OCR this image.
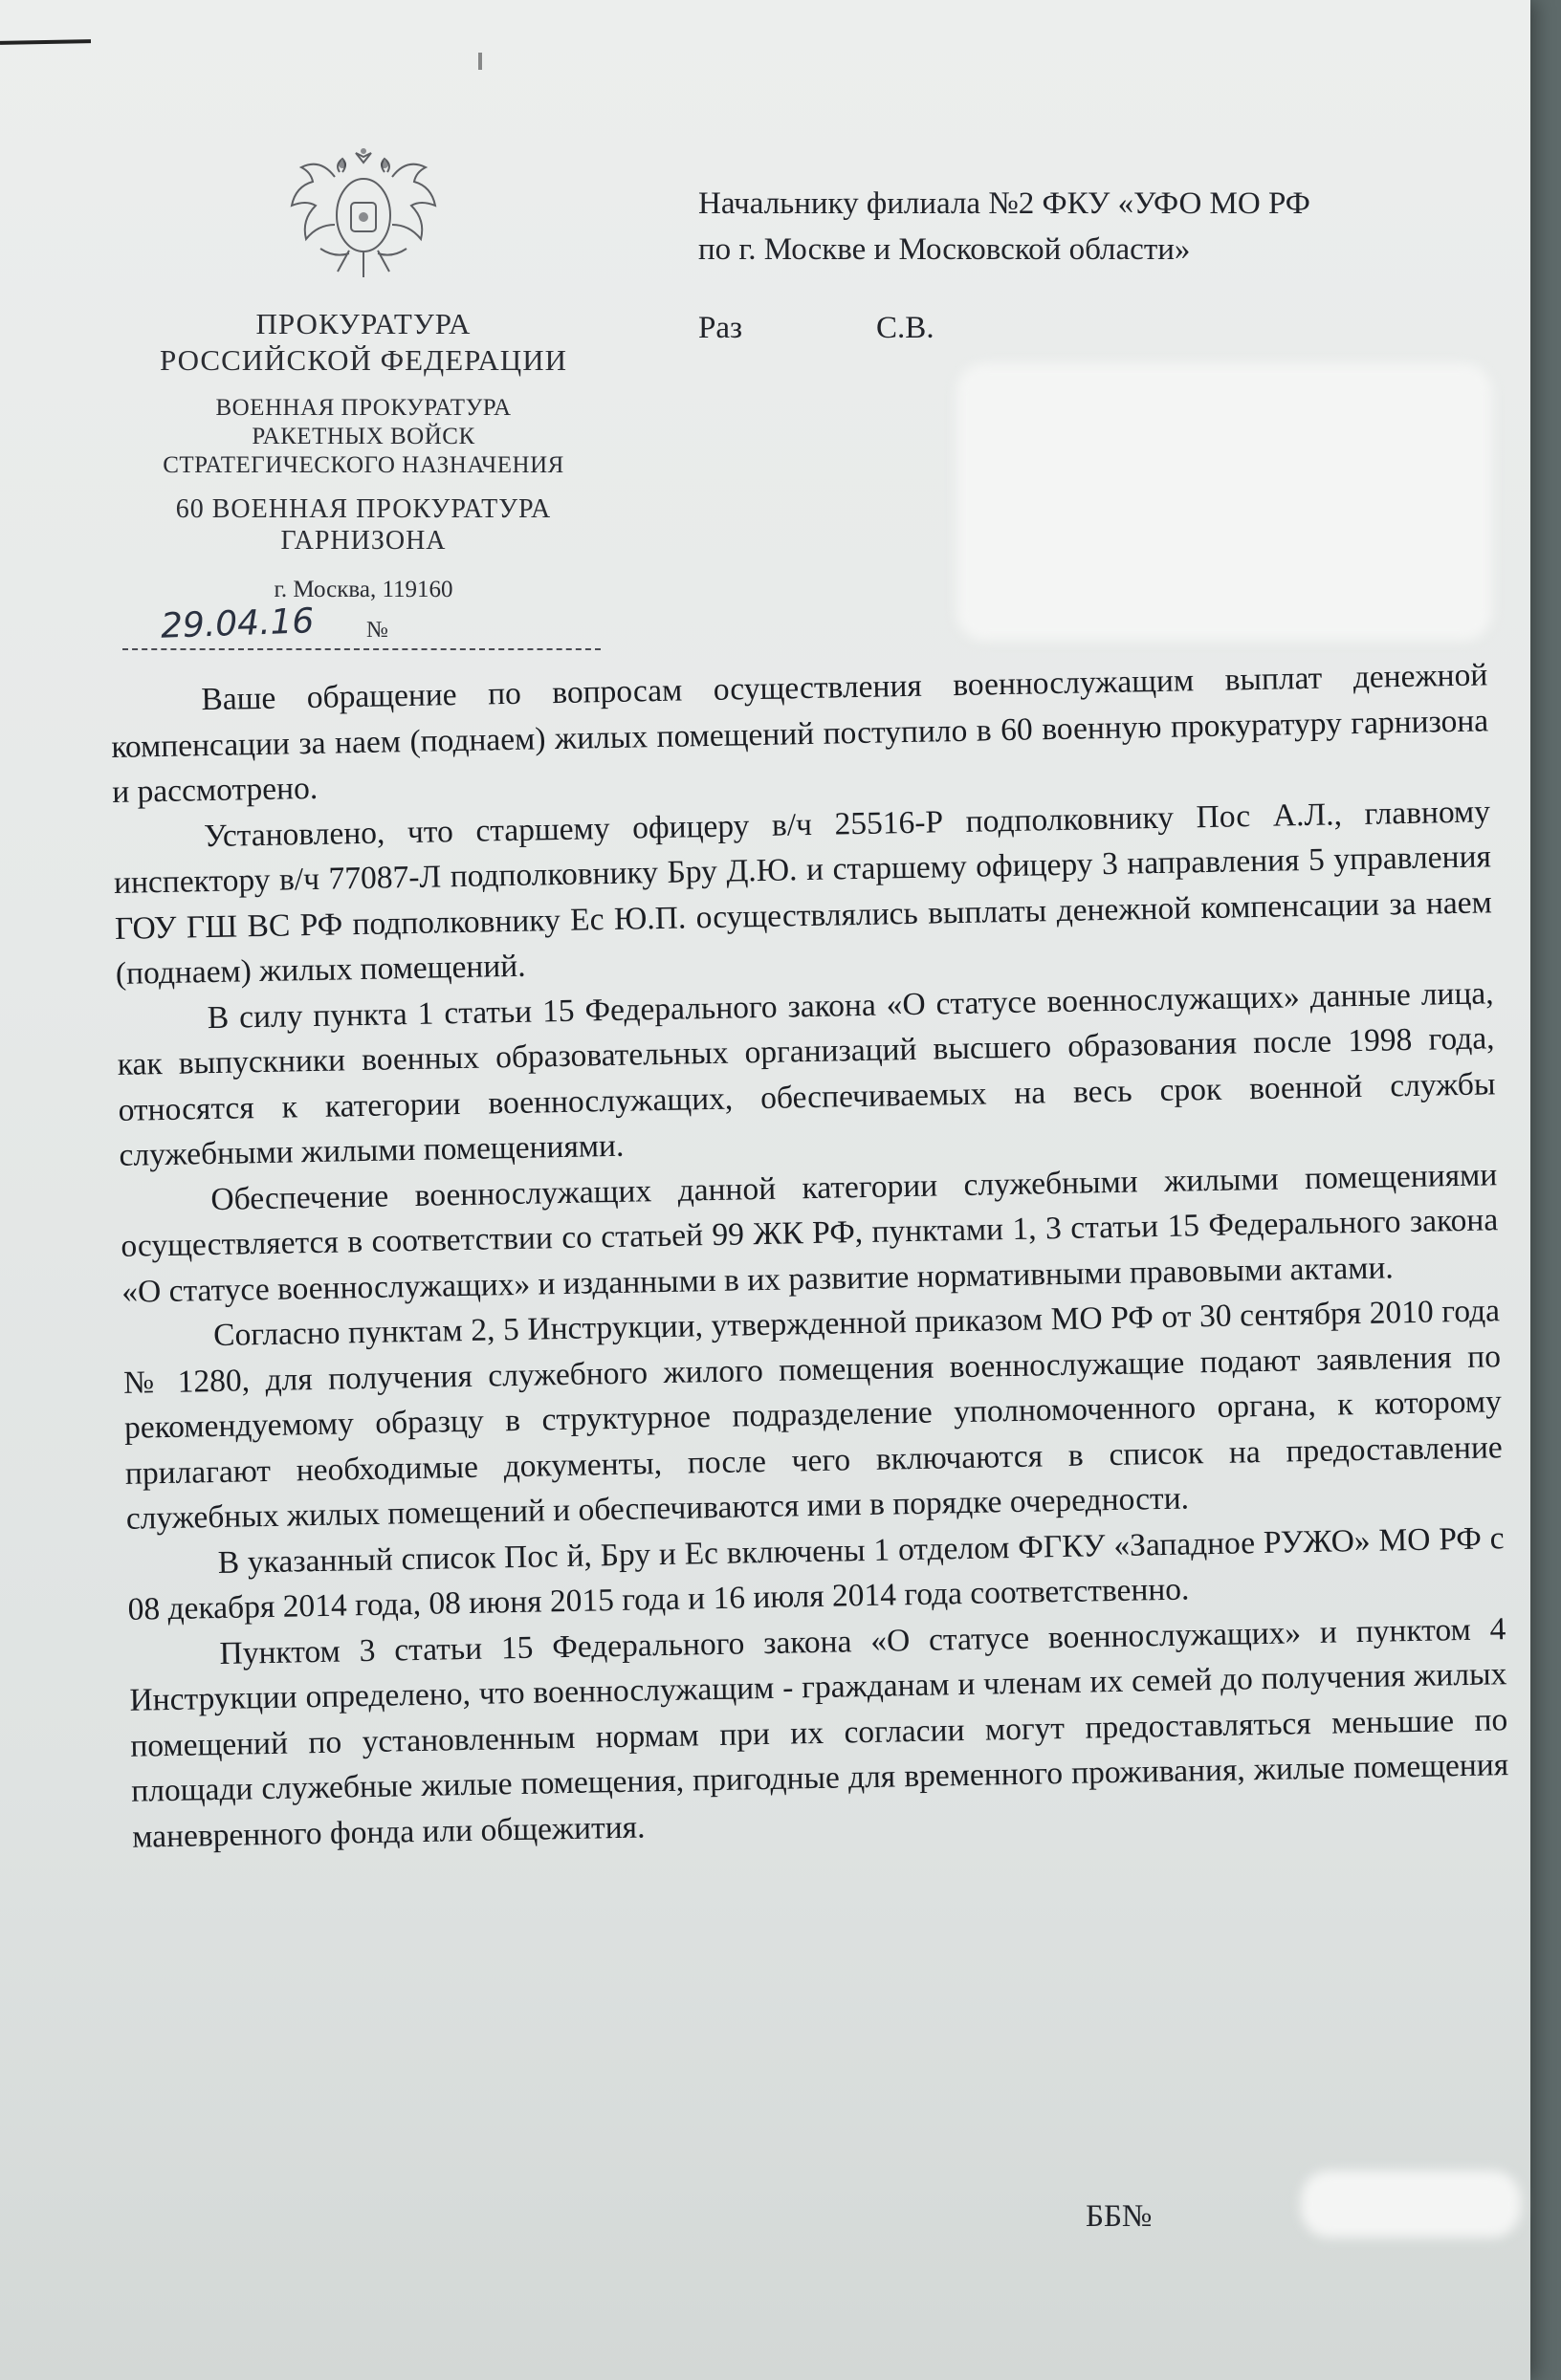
ПРОКУРАТУРА
РОССИЙСКОЙ ФЕДЕРАЦИИ
ВОЕННАЯ ПРОКУРАТУРА
РАКЕТНЫХ ВОЙСК
СТРАТЕГИЧЕСКОГО НАЗНАЧЕНИЯ
60 ВОЕННАЯ ПРОКУРАТУРА
ГАРНИЗОНА
г. Москва, 119160
29.04.16 №
Начальнику филиала №2 ФКУ «УФО МО РФ
по г. Москве и Московской области»
Раз	С.В.

Ваше обращение по вопросам осуществления военнослужащим выплат денежной компенсации за наем (поднаем) жилых помещений поступило в 60 военную прокуратуру гарнизона и рассмотрено.

Установлено, что старшему офицеру в/ч 25516-Р подполковнику Пос А.Л., главному инспектору в/ч 77087-Л подполковнику Бру Д.Ю. и старшему офицеру 3 направления 5 управления ГОУ ГШ ВС РФ подполковнику Ес Ю.П. осуществлялись выплаты денежной компенсации за наем (поднаем) жилых помещений.

В силу пункта 1 статьи 15 Федерального закона «О статусе военнослужащих» данные лица, как выпускники военных образовательных организаций высшего образования после 1998 года, относятся к категории военнослужащих, обеспечиваемых на весь срок военной службы служебными жилыми помещениями.

Обеспечение военнослужащих данной категории служебными жилыми помещениями осуществляется в соответствии со статьей 99 ЖК РФ, пунктами 1, 3 статьи 15 Федерального закона «О статусе военнослужащих» и изданными в их развитие нормативными правовыми актами.

Согласно пунктам 2, 5 Инструкции, утвержденной приказом МО РФ от 30 сентября 2010 года № 1280, для получения служебного жилого помещения военнослужащие подают заявления по рекомендуемому образцу в структурное подразделение уполномоченного органа, к которому прилагают необходимые документы, после чего включаются в список на предоставление служебных жилых помещений и обеспечиваются ими в порядке очередности.

В указанный список Пос й, Бру и Ес включены 1 отделом ФГКУ «Западное РУЖО» МО РФ с 08 декабря 2014 года, 08 июня 2015 года и 16 июля 2014 года соответственно.

Пунктом 3 статьи 15 Федерального закона «О статусе военнослужащих» и пунктом 4 Инструкции определено, что военнослужащим - гражданам и членам их семей до получения жилых помещений по установленным нормам при их согласии могут предоставляться меньшие по площади служебные жилые помещения, пригодные для временного проживания, жилые помещения маневренного фонда или общежития.

ББ№
